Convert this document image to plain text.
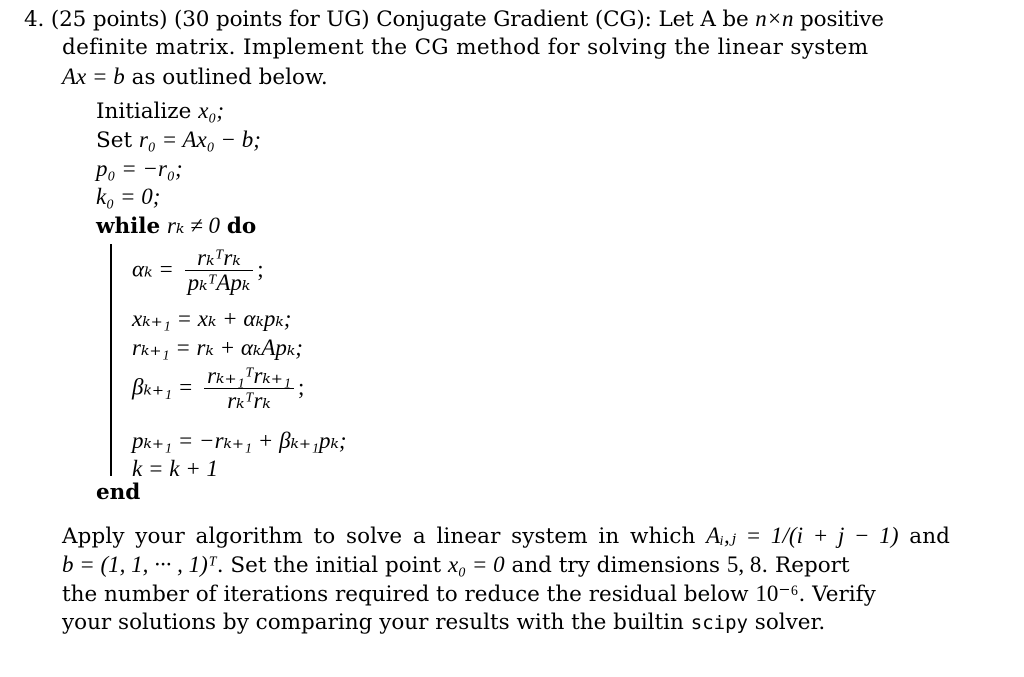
4. (25 points) (30 points for UG) Conjugate Gradient (CG): Let A be n×n positive
definite matrix. Implement the CG method for solving the linear system
Ax = b as outlined below.
Initialize x₀;
Set r₀ = Ax₀ − b;
p₀ = −r₀;
k₀ = 0;
while rₖ ≠ 0 do
$\alpha_k = \frac{\text{rₖᵀrₖ}}{\text{pₖᵀApₖ}}$ ;
xₖ₊₁ = xₖ + αₖpₖ;
rₖ₊₁ = rₖ + αₖApₖ;
$\beta_{k+1} = \frac{\text{rₖ₊₁ᵀrₖ₊₁}}{\text{rₖᵀrₖ}}$ ;
pₖ₊₁ = −rₖ₊₁ + βₖ₊₁pₖ;
k = k + 1
end
Apply your algorithm to solve a linear system in which Aᵢ,ⱼ = 1/(i + j − 1) and
b = (1, 1, ··· , 1)ᵀ. Set the initial point x₀ = 0 and try dimensions 5, 8. Report
the number of iterations required to reduce the residual below 10⁻⁶. Verify
your solutions by comparing your results with the builtin scipy solver.
